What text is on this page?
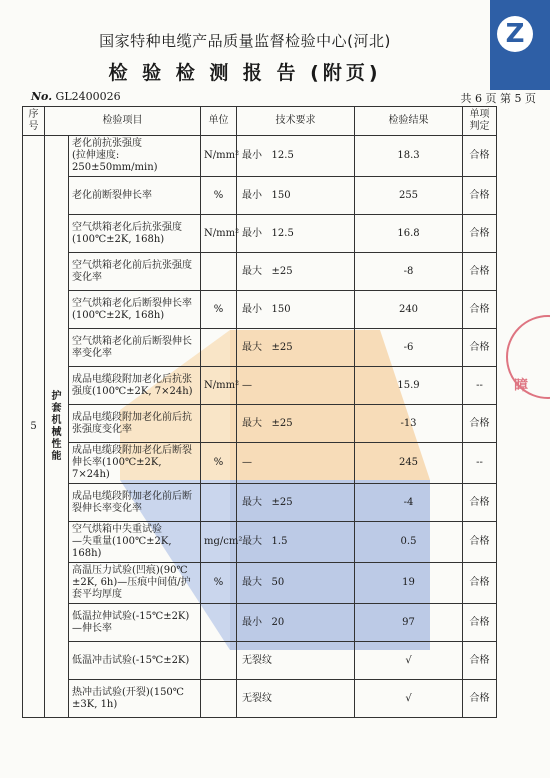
Z
国家特种电缆产品质量监督检验中心(河北)
检 验 检 测 报 告 (附页)
No. GL2400026	共 6 页 第 5 页
序号	检验项目		单位	技术要求	检验结果	单项判定
5	护套机械性能	老化前抗张强度
(拉伸速度: 250±50mm/min)	N/mm²	最小   12.5	18.3	合格
		老化前断裂伸长率	%	最小   150	255	合格
		空气烘箱老化后抗张强度
(100℃±2K, 168h)	N/mm²	最小   12.5	16.8	合格
		空气烘箱老化前后抗张强度变化率		最大   ±25	-8	合格
		空气烘箱老化后断裂伸长率
(100℃±2K, 168h)	%	最小   150	240	合格
		空气烘箱老化前后断裂伸长率变化率		最大   ±25	-6	合格
		成品电缆段附加老化后抗张强度(100℃±2K, 7×24h)	N/mm²	—	15.9	--
		成品电缆段附加老化前后抗张强度变化率		最大   ±25	-13	合格
		成品电缆段附加老化后断裂伸长率(100℃±2K, 7×24h)	%	—	245	--
		成品电缆段附加老化前后断裂伸长率变化率		最大   ±25	-4	合格
		空气烘箱中失重试验
—失重量(100℃±2K, 168h)	mg/cm²	最大   1.5	0.5	合格
		高温压力试验(凹痕)(90℃±2K, 6h)—压痕中间值/护套平均厚度	%	最大   50	19	合格
		低温拉伸试验(-15℃±2K)
—伸长率		最小   20	97	合格
		低温冲击试验(-15℃±2K)		无裂纹	√	合格
		热冲击试验(开裂)(150℃±3K, 1h)		无裂纹	√	合格
瞕
